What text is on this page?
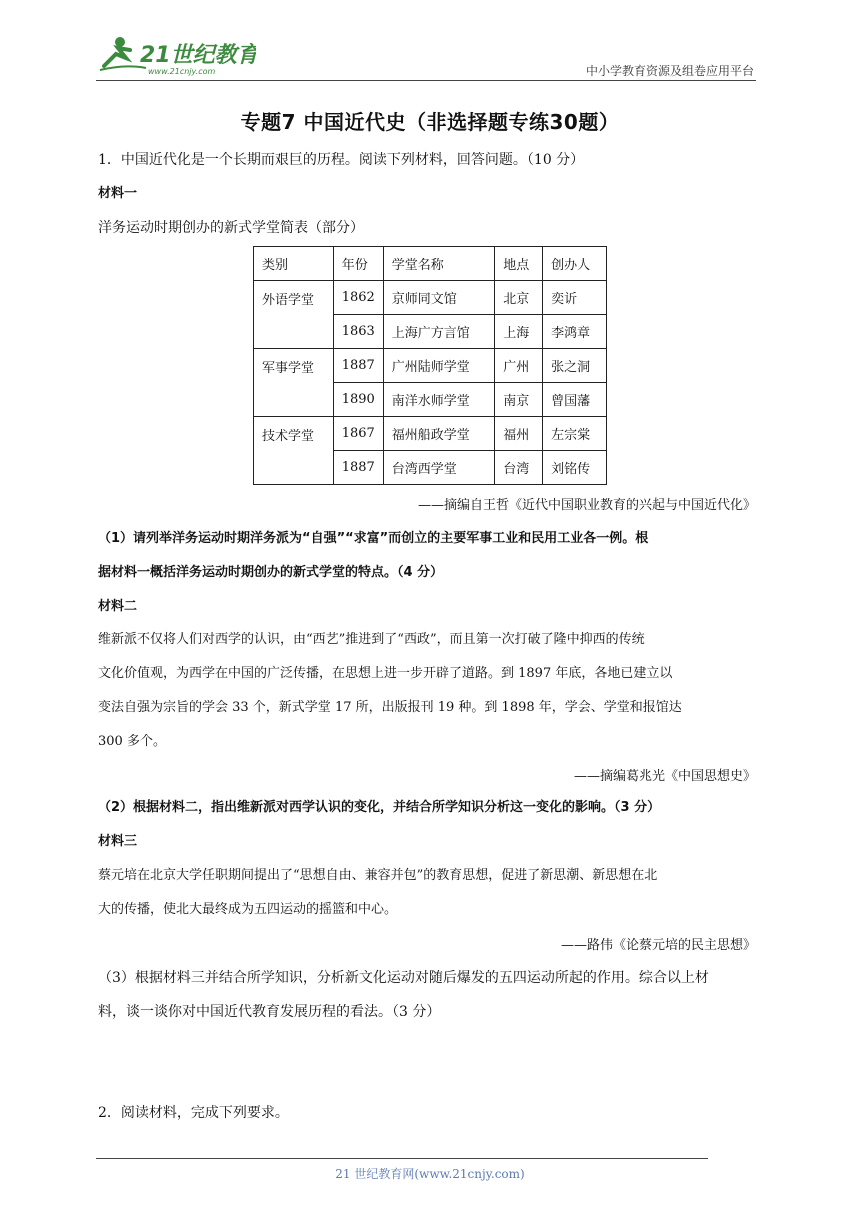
21世纪教育
www.21cnjy.com	中小学教育资源及组卷应用平台
专题7 中国近代史（非选择题专练30题）
1．中国近代化是一个长期而艰巨的历程。阅读下列材料，回答问题。（10 分）
材料一
洋务运动时期创办的新式学堂简表（部分）
类别	年份	学堂名称	地点	创办人
外语学堂	1862	京师同文馆	北京	奕䜣
	1863	上海广方言馆	上海	李鸿章
军事学堂	1887	广州陆师学堂	广州	张之洞
	1890	南洋水师学堂	南京	曾国藩
技术学堂	1867	福州船政学堂	福州	左宗棠
	1887	台湾西学堂	台湾	刘铭传
——摘编自王哲《近代中国职业教育的兴起与中国近代化》
（1）请列举洋务运动时期洋务派为“自强”“求富”而创立的主要军事工业和民用工业各一例。根
据材料一概括洋务运动时期创办的新式学堂的特点。（4 分）
材料二
维新派不仅将人们对西学的认识，由“西艺”推进到了“西政”，而且第一次打破了隆中抑西的传统
文化价值观，为西学在中国的广泛传播，在思想上进一步开辟了道路。到 1897 年底，各地已建立以
变法自强为宗旨的学会 33 个，新式学堂 17 所，出版报刊 19 种。到 1898 年，学会、学堂和报馆达
300 多个。
——摘编葛兆光《中国思想史》
（2）根据材料二，指出维新派对西学认识的变化，并结合所学知识分析这一变化的影响。（3 分）
材料三
蔡元培在北京大学任职期间提出了“思想自由、兼容并包”的教育思想，促进了新思潮、新思想在北
大的传播，使北大最终成为五四运动的摇篮和中心。
——路伟《论蔡元培的民主思想》
（3）根据材料三并结合所学知识，分析新文化运动对随后爆发的五四运动所起的作用。综合以上材
料，谈一谈你对中国近代教育发展历程的看法。（3 分）
2．阅读材料，完成下列要求。
21 世纪教育网(www.21cnjy.com)
